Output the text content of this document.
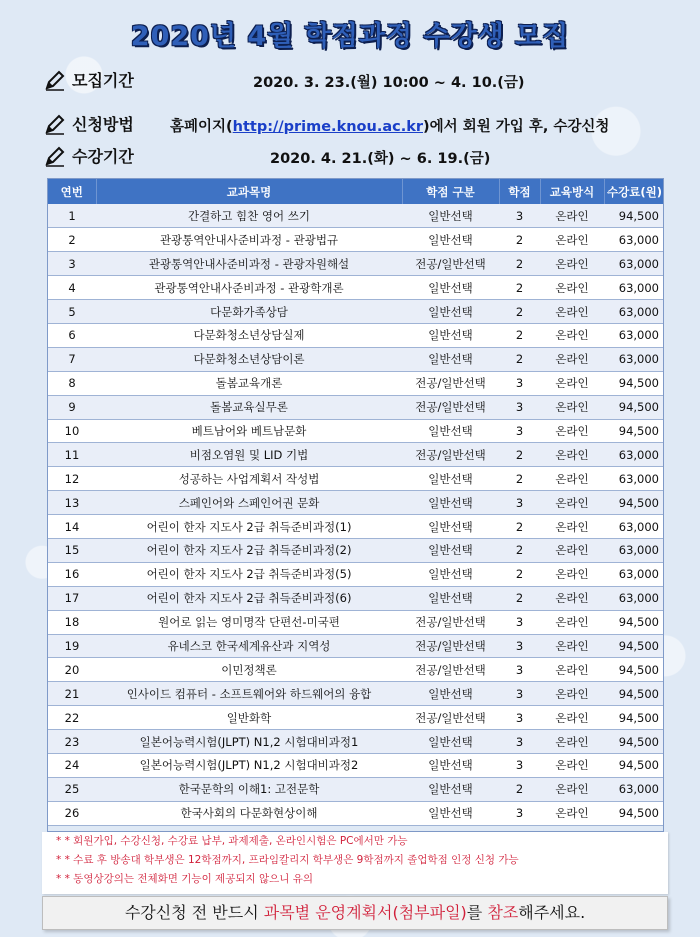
2020년 4월 학점과정 수강생 모집
모집기간	2020. 3. 23.(월) 10:00 ~ 4. 10.(금)
신청방법 홈페이지(http://prime.knou.ac.kr)에서 회원 가입 후, 수강신청
수강기간	2020. 4. 21.(화) ~ 6. 19.(금)
연번	교과목명	학점 구분	학점	교육방식	수강료(원)
1	간결하고 힘찬 영어 쓰기	일반선택	3	온라인	94,500
2	관광통역안내사준비과정 - 관광법규	일반선택	2	온라인	63,000
3	관광통역안내사준비과정 - 관광자원해설	전공/일반선택	2	온라인	63,000
4	관광통역안내사준비과정 - 관광학개론	일반선택	2	온라인	63,000
5	다문화가족상담	일반선택	2	온라인	63,000
6	다문화청소년상담실제	일반선택	2	온라인	63,000
7	다문화청소년상담이론	일반선택	2	온라인	63,000
8	돌봄교육개론	전공/일반선택	3	온라인	94,500
9	돌봄교육실무론	전공/일반선택	3	온라인	94,500
10	베트남어와 베트남문화	일반선택	3	온라인	94,500
11	비점오염원 및 LID 기법	전공/일반선택	2	온라인	63,000
12	성공하는 사업계획서 작성법	일반선택	2	온라인	63,000
13	스페인어와 스페인어권 문화	일반선택	3	온라인	94,500
14	어린이 한자 지도사 2급 취득준비과정(1)	일반선택	2	온라인	63,000
15	어린이 한자 지도사 2급 취득준비과정(2)	일반선택	2	온라인	63,000
16	어린이 한자 지도사 2급 취득준비과정(5)	일반선택	2	온라인	63,000
17	어린이 한자 지도사 2급 취득준비과정(6)	일반선택	2	온라인	63,000
18	원어로 읽는 영미명작 단편선-미국편	전공/일반선택	3	온라인	94,500
19	유네스코 한국세계유산과 지역성	전공/일반선택	3	온라인	94,500
20	이민정책론	전공/일반선택	3	온라인	94,500
21	인사이드 컴퓨터 - 소프트웨어와 하드웨어의 융합	일반선택	3	온라인	94,500
22	일반화학	전공/일반선택	3	온라인	94,500
23	일본어능력시험(JLPT) N1,2 시험대비과정1	일반선택	3	온라인	94,500
24	일본어능력시험(JLPT) N1,2 시험대비과정2	일반선택	3	온라인	94,500
25	한국문학의 이해1: 고전문학	일반선택	2	온라인	63,000
26	한국사회의 다문화현상이해	일반선택	3	온라인	94,500
* * 회원가입, 수강신청, 수강료 납부, 과제제출, 온라인시험은 PC에서만 가능
* * 수료 후 방송대 학부생은 12학점까지, 프라임칼리지 학부생은 9학점까지 졸업학점 인정 신청 가능
* * 동영상강의는 전체화면 기능이 제공되지 않으니 유의
수강신청 전 반드시 과목별 운영계획서(첨부파일)를 참조해주세요.
